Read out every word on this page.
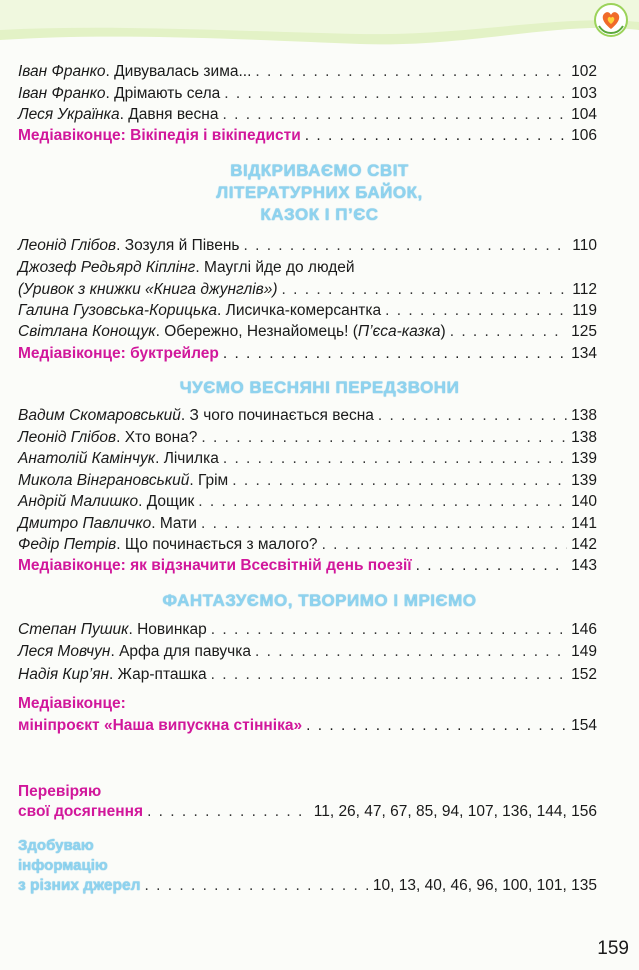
Іван Франко . Дивувалась зима... . . .	102
Іван Франко . Дрімають села . . .	103
Леся Українка . Давня весна . . .	104
Медіавіконце: Вікіпедія і вікіпедисти . . .	106
ВІДКРИВАЄМО СВІТ
ЛІТЕРАТУРНИХ БАЙОК,
КАЗОК І П’ЄС
Леонід Глібов . Зозуля й Півень . . .	110
Джозеф Редьярд Кіплінг. Мауглі йде до людей
(Уривок з книжки «Книга джунглів») . . .	112
Галина Гузовська-Корицька . Лисичка-комерсантка . . .	119
Світлана Конощук . Обережно, Незнайомець! ( П’єса-казка ) . . .	125
Медіавіконце: буктрейлер . . .	134
ЧУЄМО ВЕСНЯНІ ПЕРЕДЗВОНИ
Вадим Скомаровський . З чого починається весна . . .	138
Леонід Глібов . Хто вона? . . .	138
Анатолій Камінчук . Лічилка . . .	139
Микола Вінграновський . Грім . . .	139
Андрій Малишко . Дощик . . .	140
Дмитро Павличко . Мати . . .	141
Федір Петрів . Що починається з малого? . . .	142
Медіавіконце: як відзначити Всесвітній день поезії . . .	143
ФАНТАЗУЄМО, ТВОРИМО І МРІЄМО
Степан Пушик . Новинкар . . .	146
Леся Мовчун . Арфа для павучка . . .	149
Надія Кир’ян . Жар-пташка . . .	152
Медіавіконце:
мініпроєкт «Наша випускна стінніка» . . .	154
Перевіряю
свої досягнення . . .	11, 26, 47, 67, 85, 94, 107, 136, 144, 156
Здобуваю
інформацію
з різних джерел . . .	10, 13, 40, 46, 96, 100, 101, 135
159
